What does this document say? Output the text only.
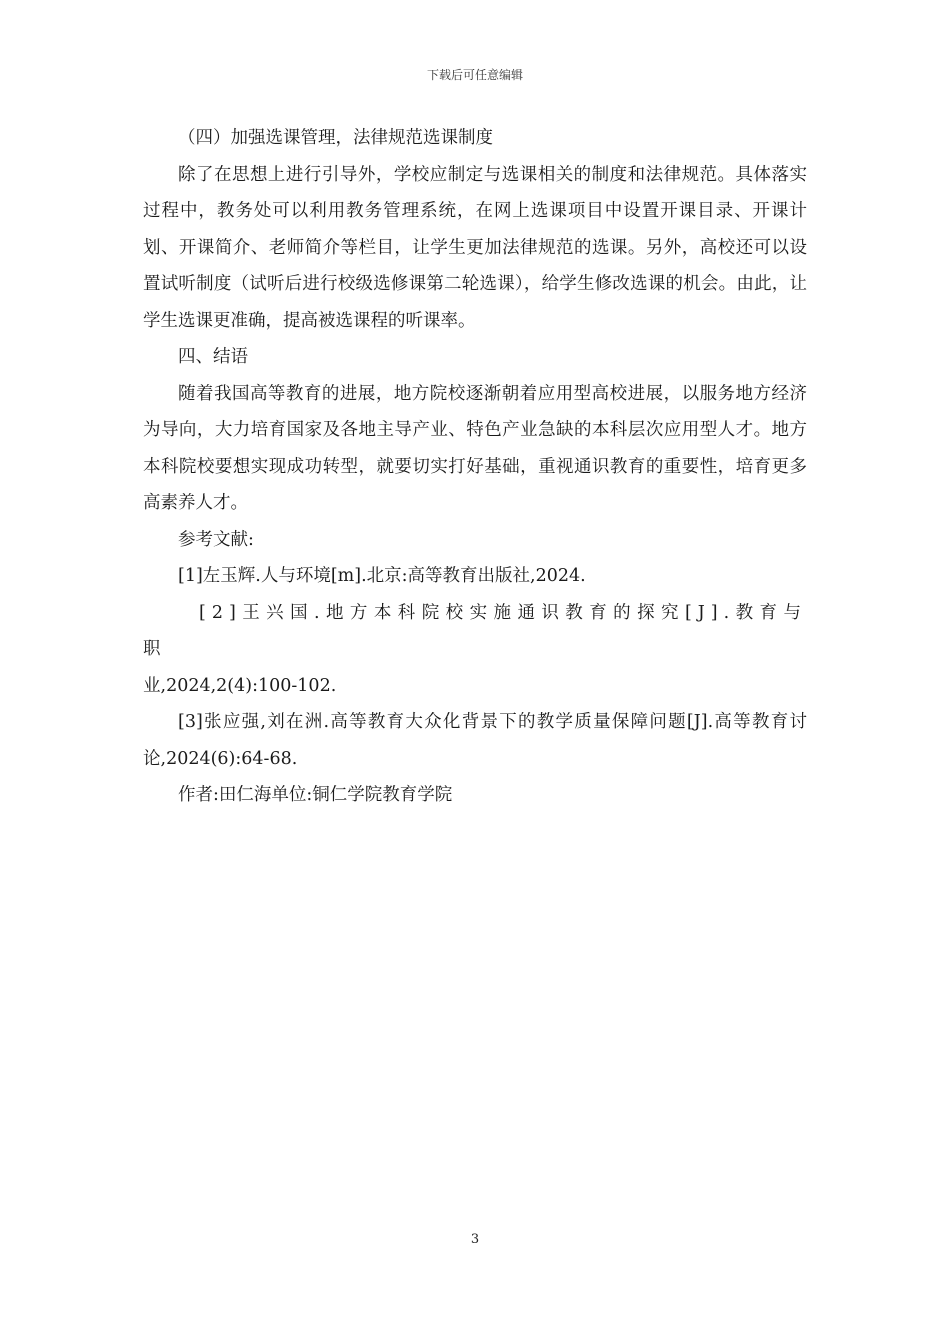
下载后可任意编辑

（四）加强选课管理，法律规范选课制度

除了在思想上进行引导外，学校应制定与选课相关的制度和法律规范。具体落实过程中，教务处可以利用教务管理系统，在网上选课项目中设置开课目录、开课计划、开课简介、老师简介等栏目，让学生更加法律规范的选课。另外，高校还可以设置试听制度（试听后进行校级选修课第二轮选课），给学生修改选课的机会。由此，让学生选课更准确，提高被选课程的听课率。

四、结语

随着我国高等教育的进展，地方院校逐渐朝着应用型高校进展，以服务地方经济为导向，大力培育国家及各地主导产业、特色产业急缺的本科层次应用型人才。地方本科院校要想实现成功转型，就要切实打好基础，重视通识教育的重要性，培育更多高素养人才。

参考文献:

[1]左玉辉.人与环境[m].北京:高等教育出版社,2024.

[2]王兴国.地方本科院校实施通识教育的探究[J].教育与职
业,2024,2(4):100-102.

[3]张应强,刘在洲.高等教育大众化背景下的教学质量保障问题[J].高等教育讨论,2024(6):64-68.

作者:田仁海单位:铜仁学院教育学院

3
